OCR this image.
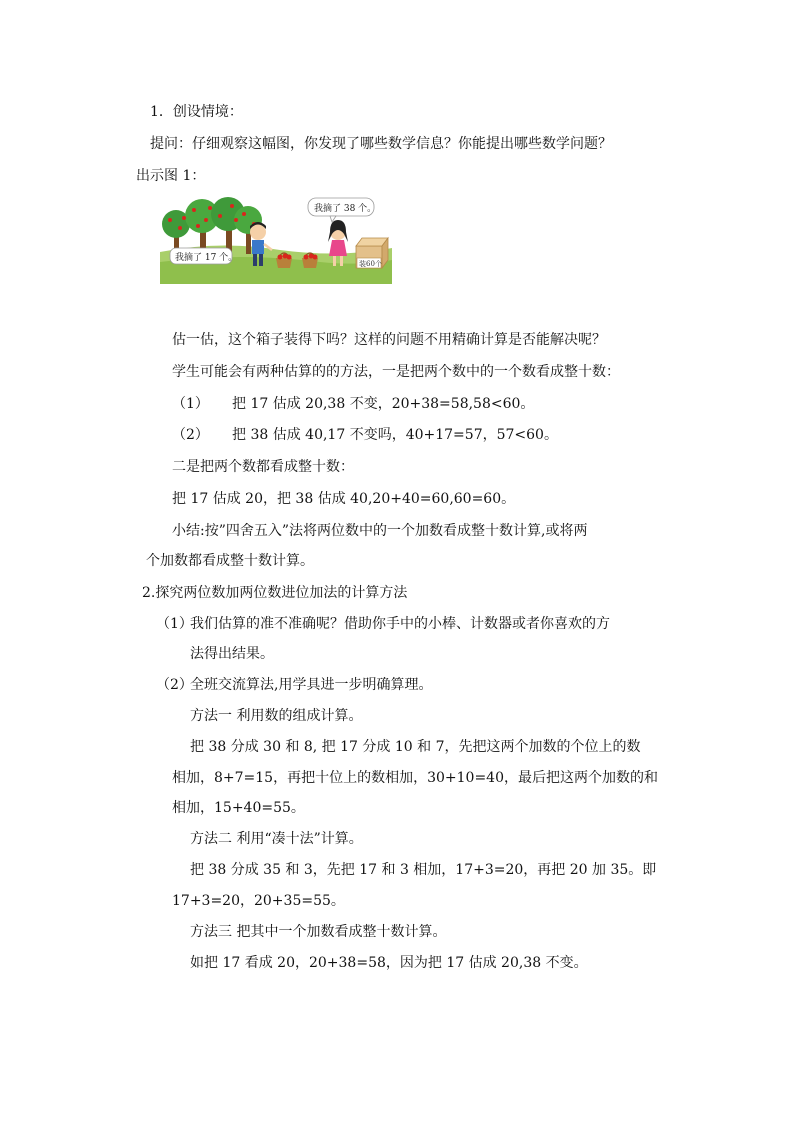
1．创设情境：
提问：仔细观察这幅图，你发现了哪些数学信息？你能提出哪些数学问题？
出示图 1：
我摘了 17 个。
我摘了 38 个。
装60个
估一估，这个箱子装得下吗？这样的问题不用精确计算是否能解决呢？
学生可能会有两种估算的的方法，一是把两个数中的一个数看成整十数：
（1） 把 17 估成 20,38 不变，20+38=58,58<60。
（2） 把 38 估成 40,17 不变吗，40+17=57，57<60。
二是把两个数都看成整十数：
把 17 估成 20，把 38 估成 40,20+40=60,60=60。
小结:按”四舍五入”法将两位数中的一个加数看成整十数计算,或将两
个加数都看成整十数计算。
2.探究两位数加两位数进位加法的计算方法
（1）
我们估算的准不准确呢？借助你手中的小棒、计数器或者你喜欢的方
法得出结果。
（2）
全班交流算法,用学具进一步明确算理。
方法一 利用数的组成计算。
把 38 分成 30 和 8, 把 17 分成 10 和 7，先把这两个加数的个位上的数
相加，8+7=15，再把十位上的数相加，30+10=40，最后把这两个加数的和
相加，15+40=55。
方法二 利用“凑十法”计算。
把 38 分成 35 和 3，先把 17 和 3 相加，17+3=20，再把 20 加 35。即
17+3=20，20+35=55。
方法三 把其中一个加数看成整十数计算。
如把 17 看成 20，20+38=58，因为把 17 估成 20,38 不变。
